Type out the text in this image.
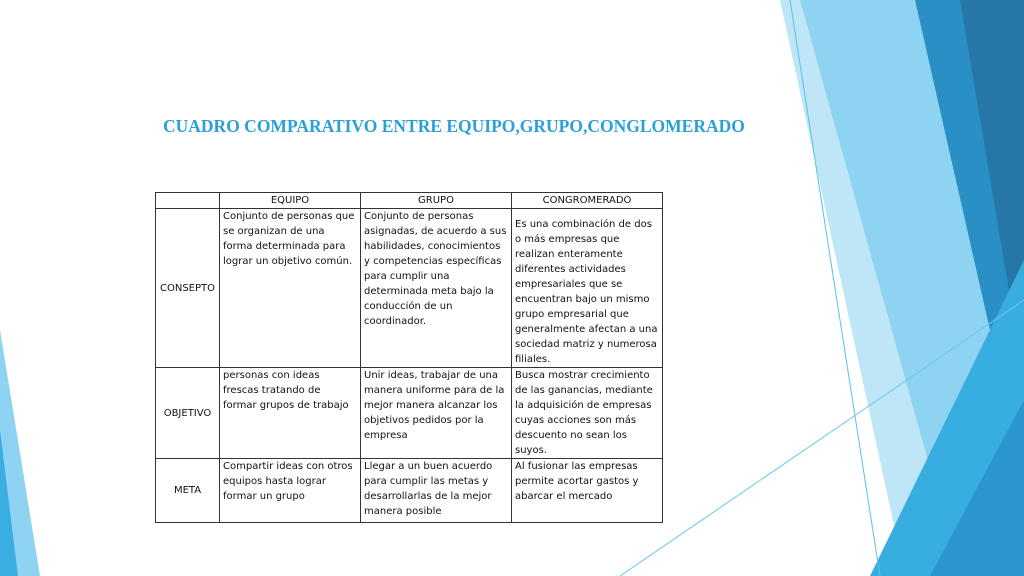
CUADRO COMPARATIVO ENTRE EQUIPO,GRUPO,CONGLOMERADO
	EQUIPO	GRUPO	CONGROMERADO
CONSEPTO	Conjunto de personas que se organizan de una forma determinada para lograr un objetivo común.	Conjunto de personas asignadas, de acuerdo a sus habilidades, conocimientos y competencias específicas para cumplir una determinada meta bajo la conducción de un coordinador.	Es una combinación de dos o más empresas que realizan enteramente diferentes actividades empresariales que se encuentran bajo un mismo grupo empresarial que generalmente afectan a una sociedad matriz y numerosa filiales.
OBJETIVO	personas con ideas frescas tratando de formar grupos de trabajo	Unir ideas, trabajar de una manera uniforme para de la mejor manera alcanzar los objetivos pedidos por la empresa	Busca mostrar crecimiento de las ganancias, mediante la adquisición de empresas cuyas acciones son más descuento no sean los suyos.
META	Compartir ideas con otros equipos hasta lograr formar un grupo	Llegar a un buen acuerdo para cumplir las metas y desarrollarlas de la mejor manera posible	Al fusionar las empresas permite acortar gastos y abarcar el mercado
